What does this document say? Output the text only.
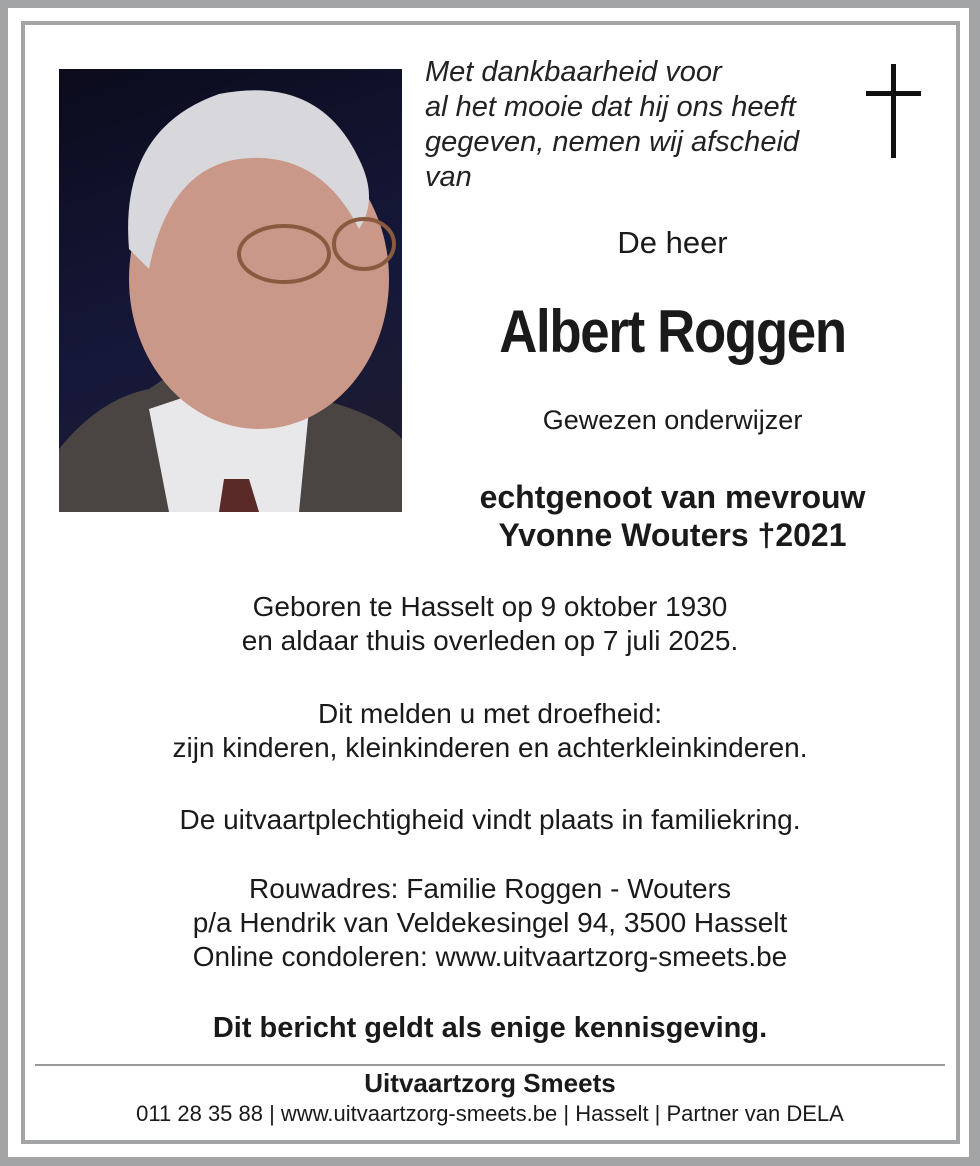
Met dankbaarheid voor
al het mooie dat hij ons heeft
gegeven, nemen wij afscheid
van
De heer
Albert Roggen
Gewezen onderwijzer
echtgenoot van mevrouw
Yvonne Wouters †2021
Geboren te Hasselt op 9 oktober 1930
en aldaar thuis overleden op 7 juli 2025.
Dit melden u met droefheid:
zijn kinderen, kleinkinderen en achterkleinkinderen.
De uitvaartplechtigheid vindt plaats in familiekring.
Rouwadres: Familie Roggen - Wouters
p/a Hendrik van Veldekesingel 94, 3500 Hasselt
Online condoleren: www.uitvaartzorg-smeets.be
Dit bericht geldt als enige kennisgeving.
Uitvaartzorg Smeets
011 28 35 88 | www.uitvaartzorg-smeets.be | Hasselt | Partner van DELA
